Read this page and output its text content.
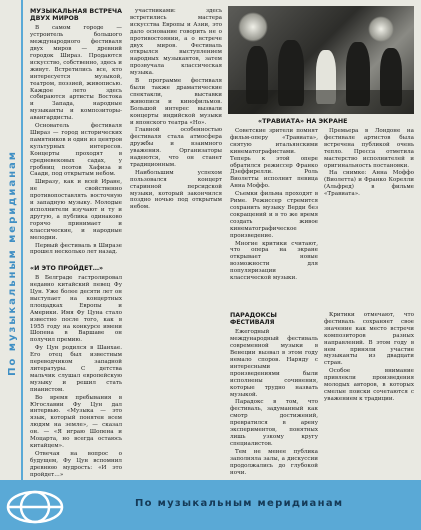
По музыкальным меридианам
МУЗЫКАЛЬНАЯ ВСТРЕЧА ДВУХ МИРОВ

В самом городе — устроитель большого международного фестиваля двух миров — древний городок Шираз. Продаются искусство, собственно, здесь и живут. Встретились все, кто интересуется музыкой, театром, поэзией, живописью. Каждое лето здесь собираются артисты Востока и Запада, народные музыканты и композиторы-авангардисты.

Основатель фестиваля Шираз — город исторических памятников и один из центров культурных интересов. Концерты проходят в средневековых садах, у гробниц поэтов Хафиза и Саади, под открытым небом.

Ширазу, как и всей Иране, не свойственно противопоставлять восточную и западную музыку. Молодые исполнители изучают и ту и другую, а публика одинаково горячо принимает и классические, и народные мелодии.

Первый фестиваль в Ширазе прошел несколько лет назад.

«И ЭТО ПРОЙДЕТ…»

В Белграде гастролировал недавно китайский певец Фу Цун. Уже более десяти лет он выступает на концертных площадках Европы и Америки. Имя Фу Цуна стало известно после того, как в 1955 году на конкурсе имени Шопена в Варшаве он получил премию.

Фу Цун родился в Шанхае. Его отец был известным переводчиком западной литературы. С детства мальчик слушал европейскую музыку и решил стать пианистом.

Во время пребывания в Югославии Фу Цун дал интервью. «Музыка — это язык, который понятен всем людям на земле», — сказал он. — «Я играю Шопена и Моцарта, но всегда остаюсь китайцем».

Отвечая на вопрос о будущем, Фу Цун вспомнил древнюю мудрость: «И это пройдет…»

участниками: здесь встретились мастера искусства Европы и Азии, это дало основание говорить не о противостоянии, а о встрече двух миров. Фестиваль открылся выступлением народных музыкантов, затем прозвучала классическая музыка.

В программе фестиваля были также драматические спектакли, выставки живописи и кинофильмов. Большой интерес вызвали концерты индийской музыки и японского театра «Но».

Главной особенностью фестиваля стала атмосфера дружбы и взаимного уважения. Организаторы надеются, что он станет традиционным.

Наибольшим успехом пользовался концерт старинной персидской музыки, который закончился поздно ночью под открытым небом.

«ТРАВИАТА» НА ЭКРАНЕ

Советские зрители помнят фильм-оперу «Травиата», снятую итальянскими кинематографистами. Теперь к этой опере обратился режиссер Франко Дзеффирелли. Роль Виолетты исполнит певица Анна Моффо.

Съемки фильма проходят в Риме. Режиссер стремится сохранить музыку Верди без сокращений и в то же время создать живое кинематографическое произведение.

Многие критики считают, что опера на экране открывает новые возможности для популяризации классической музыки.

Премьера в Лондоне на фестивале артистов была встречена публикой очень тепло. Пресса отметила мастерство исполнителей и оригинальность постановки.

На снимке: Анна Моффо (Виолетта) и Франко Корелли (Альфред) в фильме «Травиата».

ПАРАДОКСЫ ФЕСТИВАЛЯ

Ежегодный международный фестиваль современной музыки в Венеции вызвал в этом году немало споров. Наряду с интересными произведениями были исполнены сочинения, которые трудно назвать музыкой.

Парадокс в том, что фестиваль, задуманный как смотр достижений, превратился в арену экспериментов, понятных лишь узкому кругу специалистов.

Тем не менее публика заполняла залы, а дискуссии продолжались до глубокой ночи.

Критики отмечают, что фестиваль сохраняет свое значение как место встречи композиторов разных направлений. В этом году в нем приняли участие музыканты из двадцати стран.

Особое внимание привлекли произведения молодых авторов, в которых смелые поиски сочетаются с уважением к традиции.

По музыкальным меридианам
